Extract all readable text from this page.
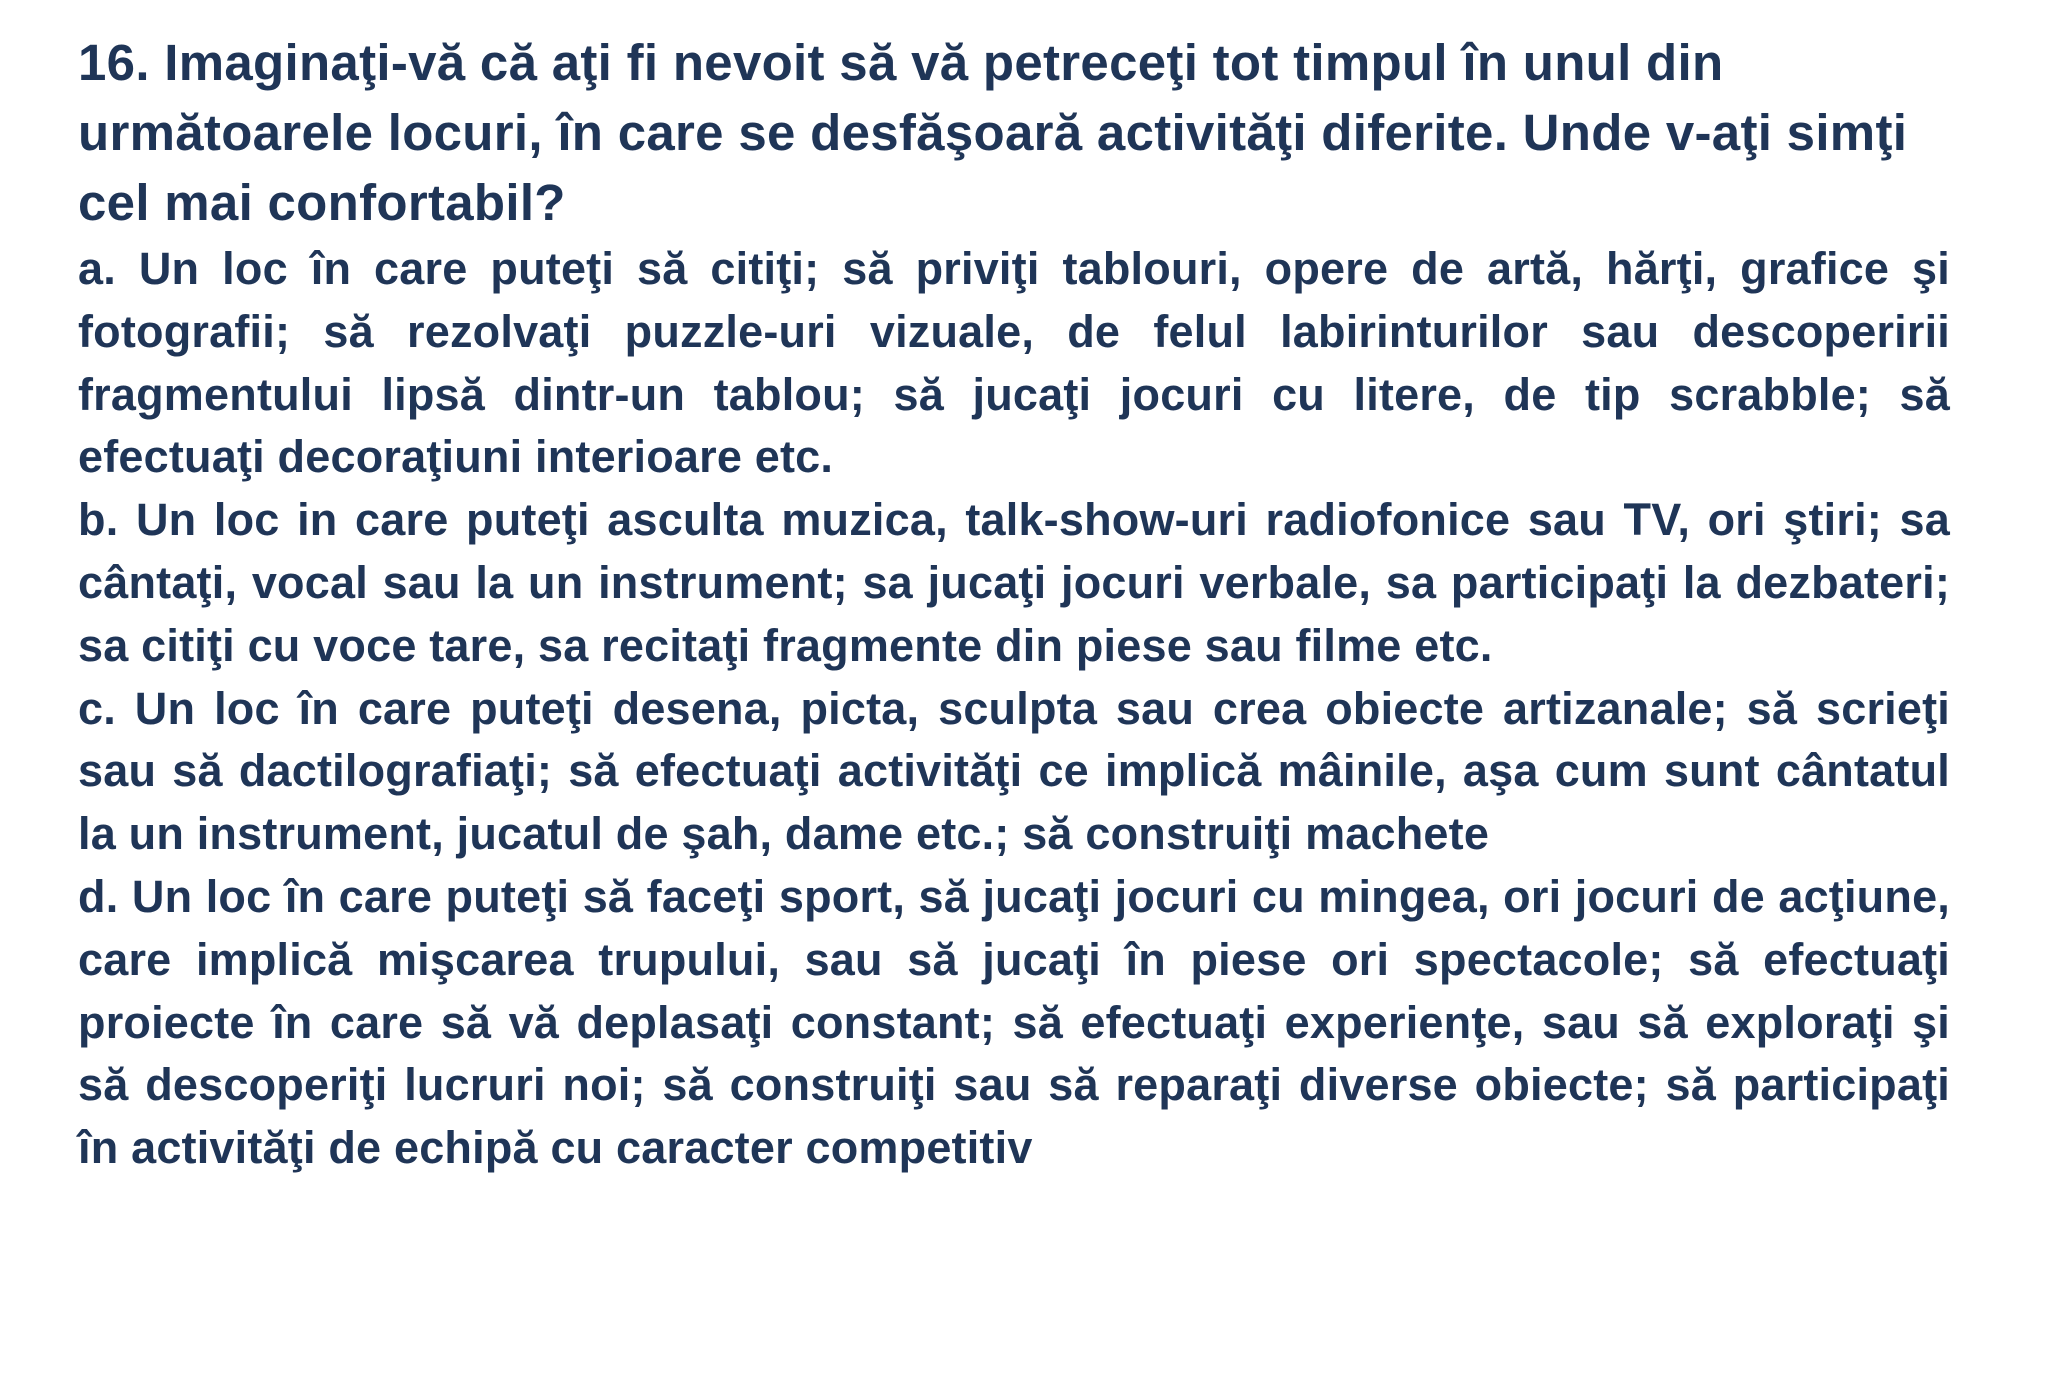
16. Imaginaţi-vă că aţi fi nevoit să vă petreceţi tot timpul în unul din următoarele locuri, în care se desfăşoară activităţi diferite. Unde v-aţi simţi cel mai confortabil?

a. Un loc în care puteţi să citiţi; să priviţi tablouri, opere de artă, hărţi, grafice şi fotografii; să rezolvaţi puzzle-uri vizuale, de felul labirinturilor sau descoperirii fragmentului lipsă dintr-un tablou; să jucaţi jocuri cu litere, de tip scrabble; să efectuaţi decoraţiuni interioare etc.

b. Un loc in care puteţi asculta muzica, talk-show-uri radiofonice sau TV, ori ştiri; sa cântaţi, vocal sau la un instrument; sa jucaţi jocuri verbale, sa participaţi la dezbateri; sa citiţi cu voce tare, sa recitaţi fragmente din piese sau filme etc.

c. Un loc în care puteţi desena, picta, sculpta sau crea obiecte artizanale; să scrieţi sau să dactilografiaţi; să efectuaţi activităţi ce implică mâinile, aşa cum sunt cântatul la un instrument, jucatul de şah, dame etc.; să construiţi machete

d. Un loc în care puteţi să faceţi sport, să jucaţi jocuri cu mingea, ori jocuri de acţiune, care implică mişcarea trupului, sau să jucaţi în piese ori spectacole; să efectuaţi proiecte în care să vă deplasaţi constant; să efectuaţi experienţe, sau să exploraţi şi să descoperiţi lucruri noi; să construiţi sau să reparaţi diverse obiecte; să participaţi în activităţi de echipă cu caracter competitiv
